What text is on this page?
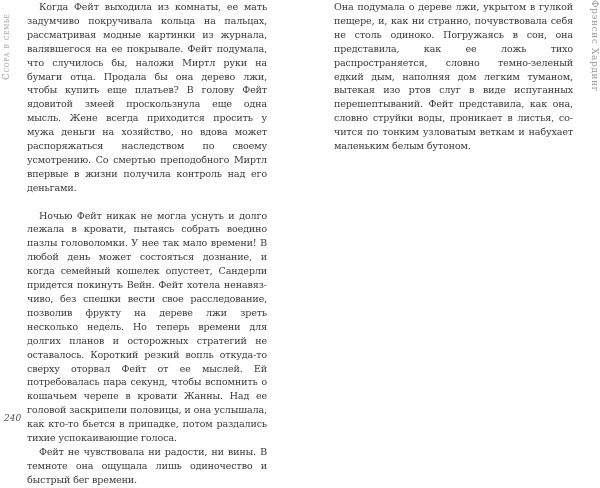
Ссора в семье

Когда Фейт выходила из комнаты, ее мать задумчиво покручивала кольца на пальцах, рассматривая модные картинки из журнала, валявшегося на ее покрывале. Фейт подумала, что случилось бы, наложи Миртл руки на бумаги отца. Продала бы она дерево лжи, чтобы купить еще платьев? В голову Фейт ядовитой змеей проскользнула еще одна мысль. Жене всегда приходится просить у мужа деньги на хозяйство, но вдова может распоряжаться наследством по своему усмотрению. Со смертью преподобного Миртл впервые в жизни получила контроль над его деньгами.

Ночью Фейт никак не могла уснуть и долго лежала в кровати, пытаясь собрать воедино пазлы головоломки. У нее так мало времени! В любой день может состояться дознание, и когда семейный кошелек опустеет, Сандерли придется покинуть Вейн. Фейт хотела ненавязчиво, без спешки вести свое расследование, позволив фрукту на дереве лжи зреть несколько недель. Но теперь времени для долгих планов и осторожных стратегий не оставалось. Короткий резкий вопль откуда-то сверху оторвал Фейт от ее мыслей. Ей потребовалась пара секунд, чтобы вспомнить о кошачьем черепе в кровати Жанны. Над ее головой заскрипели половицы, и она услышала, как кто-то бьется в припадке, потом раздались тихие успокаивающие голоса.

Фейт не чувствовала ни радости, ни вины. В темноте она ощущала лишь одиночество и быстрый бег времени.

240

Она подумала о дереве лжи, укрытом в гулкой пещере, и, как ни странно, почувствовала себя не столь одиноко. Погружаясь в сон, она представила, как ее ложь тихо распространяется, словно темно-зеленый едкий дым, наполняя дом легким туманом, вытекая изо ртов слуг в виде испуганных перешептываний. Фейт представила, как она, словно струйки воды, проникает в листья, сочится по тонким узловатым веткам и набухает маленьким белым бутоном.

Фрэнсис Хардинг
